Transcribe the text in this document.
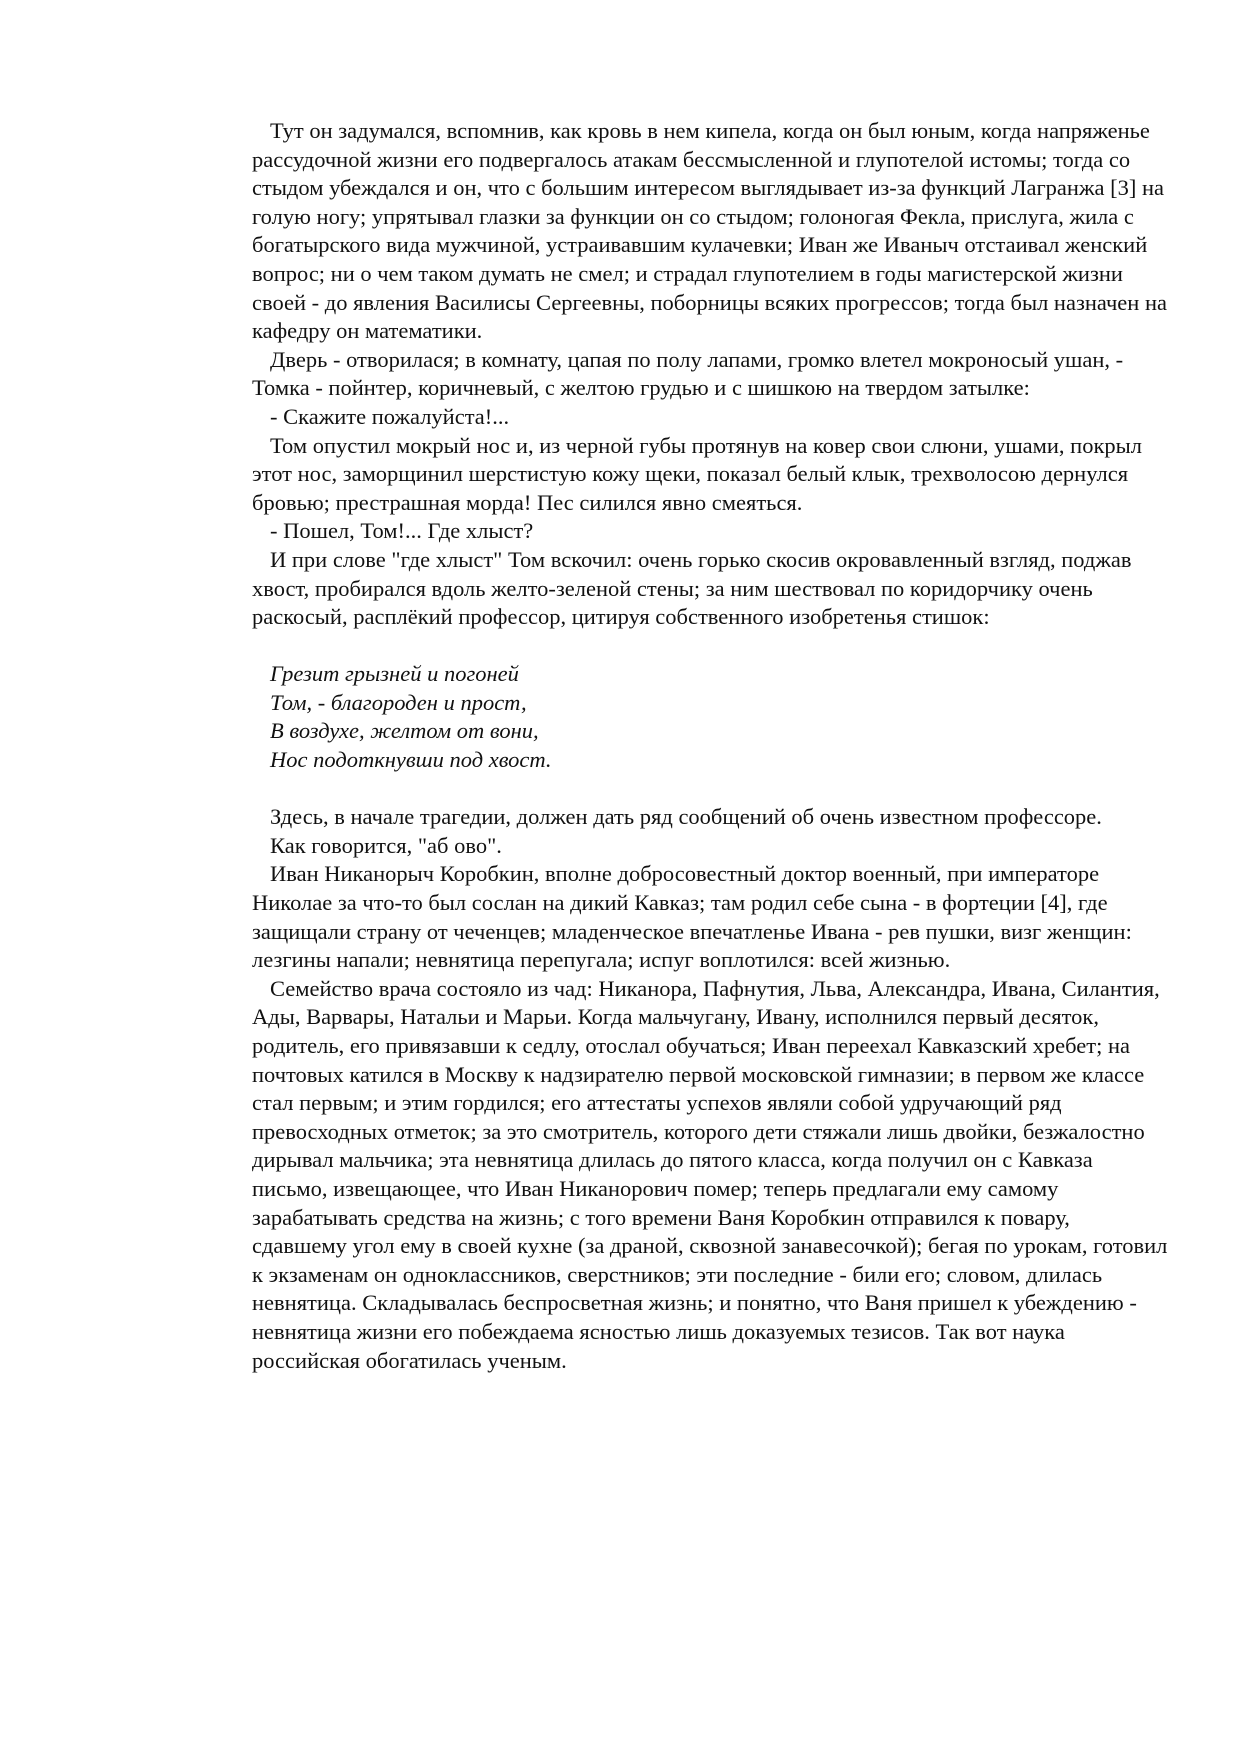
Тут он задумался, вспомнив, как кровь в нем кипела, когда он был юным, когда напряженье рассудочной жизни его подвергалось атакам бессмысленной и глупотелой истомы; тогда со стыдом убеждался и он, что с большим интересом выглядывает из-за функций Лагранжа [3] на голую ногу; упрятывал глазки за функции он со стыдом; голоногая Фекла, прислуга, жила с богатырского вида мужчиной, устраивавшим кулачевки; Иван же Иваныч отстаивал женский вопрос; ни о чем таком думать не смел; и страдал глупотелием в годы магистерской жизни своей - до явления Василисы Сергеевны, поборницы всяких прогрессов; тогда был назначен на кафедру он математики.

Дверь - отворилася; в комнату, цапая по полу лапами, громко влетел мокроносый ушан, - Томка - пойнтер, коричневый, с желтою грудью и с шишкою на твердом затылке:

- Скажите пожалуйста!...

Том опустил мокрый нос и, из черной губы протянув на ковер свои слюни, ушами, покрыл этот нос, заморщинил шерстистую кожу щеки, показал белый клык, трехволосою дернулся бровью; престрашная морда! Пес силился явно смеяться.

- Пошел, Том!... Где хлыст?

И при слове "где хлыст" Том вскочил: очень горько скосив окровавленный взгляд, поджав хвост, пробирался вдоль желто-зеленой стены; за ним шествовал по коридорчику очень раскосый, расплёкий профессор, цитируя собственного изобретенья стишок:

Грезит грызней и погоней

Том, - благороден и прост,

В воздухе, желтом от вони,

Нос подоткнувши под хвост.

Здесь, в начале трагедии, должен дать ряд сообщений об очень известном профессоре.

Как говорится, "аб ово".

Иван Никанорыч Коробкин, вполне добросовестный доктор военный, при императоре Николае за что-то был сослан на дикий Кавказ; там родил себе сына - в фортеции [4], где защищали страну от чеченцев; младенческое впечатленье Ивана - рев пушки, визг женщин: лезгины напали; невнятица перепугала; испуг воплотился: всей жизнью.

Семейство врача состояло из чад: Никанора, Пафнутия, Льва, Александра, Ивана, Силантия, Ады, Варвары, Натальи и Марьи. Когда мальчугану, Ивану, исполнился первый десяток, родитель, его привязавши к седлу, отослал обучаться; Иван переехал Кавказский хребет; на почтовых катился в Москву к надзирателю первой московской гимназии; в первом же классе стал первым; и этим гордился; его аттестаты успехов являли собой удручающий ряд превосходных отметок; за это смотритель, которого дети стяжали лишь двойки, безжалостно дирывал мальчика; эта невнятица длилась до пятого класса, когда получил он с Кавказа письмо, извещающее, что Иван Никанорович помер; теперь предлагали ему самому зарабатывать средства на жизнь; с того времени Ваня Коробкин отправился к повару, сдавшему угол ему в своей кухне (за драной, сквозной занавесочкой); бегая по урокам, готовил к экзаменам он одноклассников, сверстников; эти последние - били его; словом, длилась невнятица. Складывалась беспросветная жизнь; и понятно, что Ваня пришел к убеждению - невнятица жизни его побеждаема ясностью лишь доказуемых тезисов. Так вот наука российская обогатилась ученым.
